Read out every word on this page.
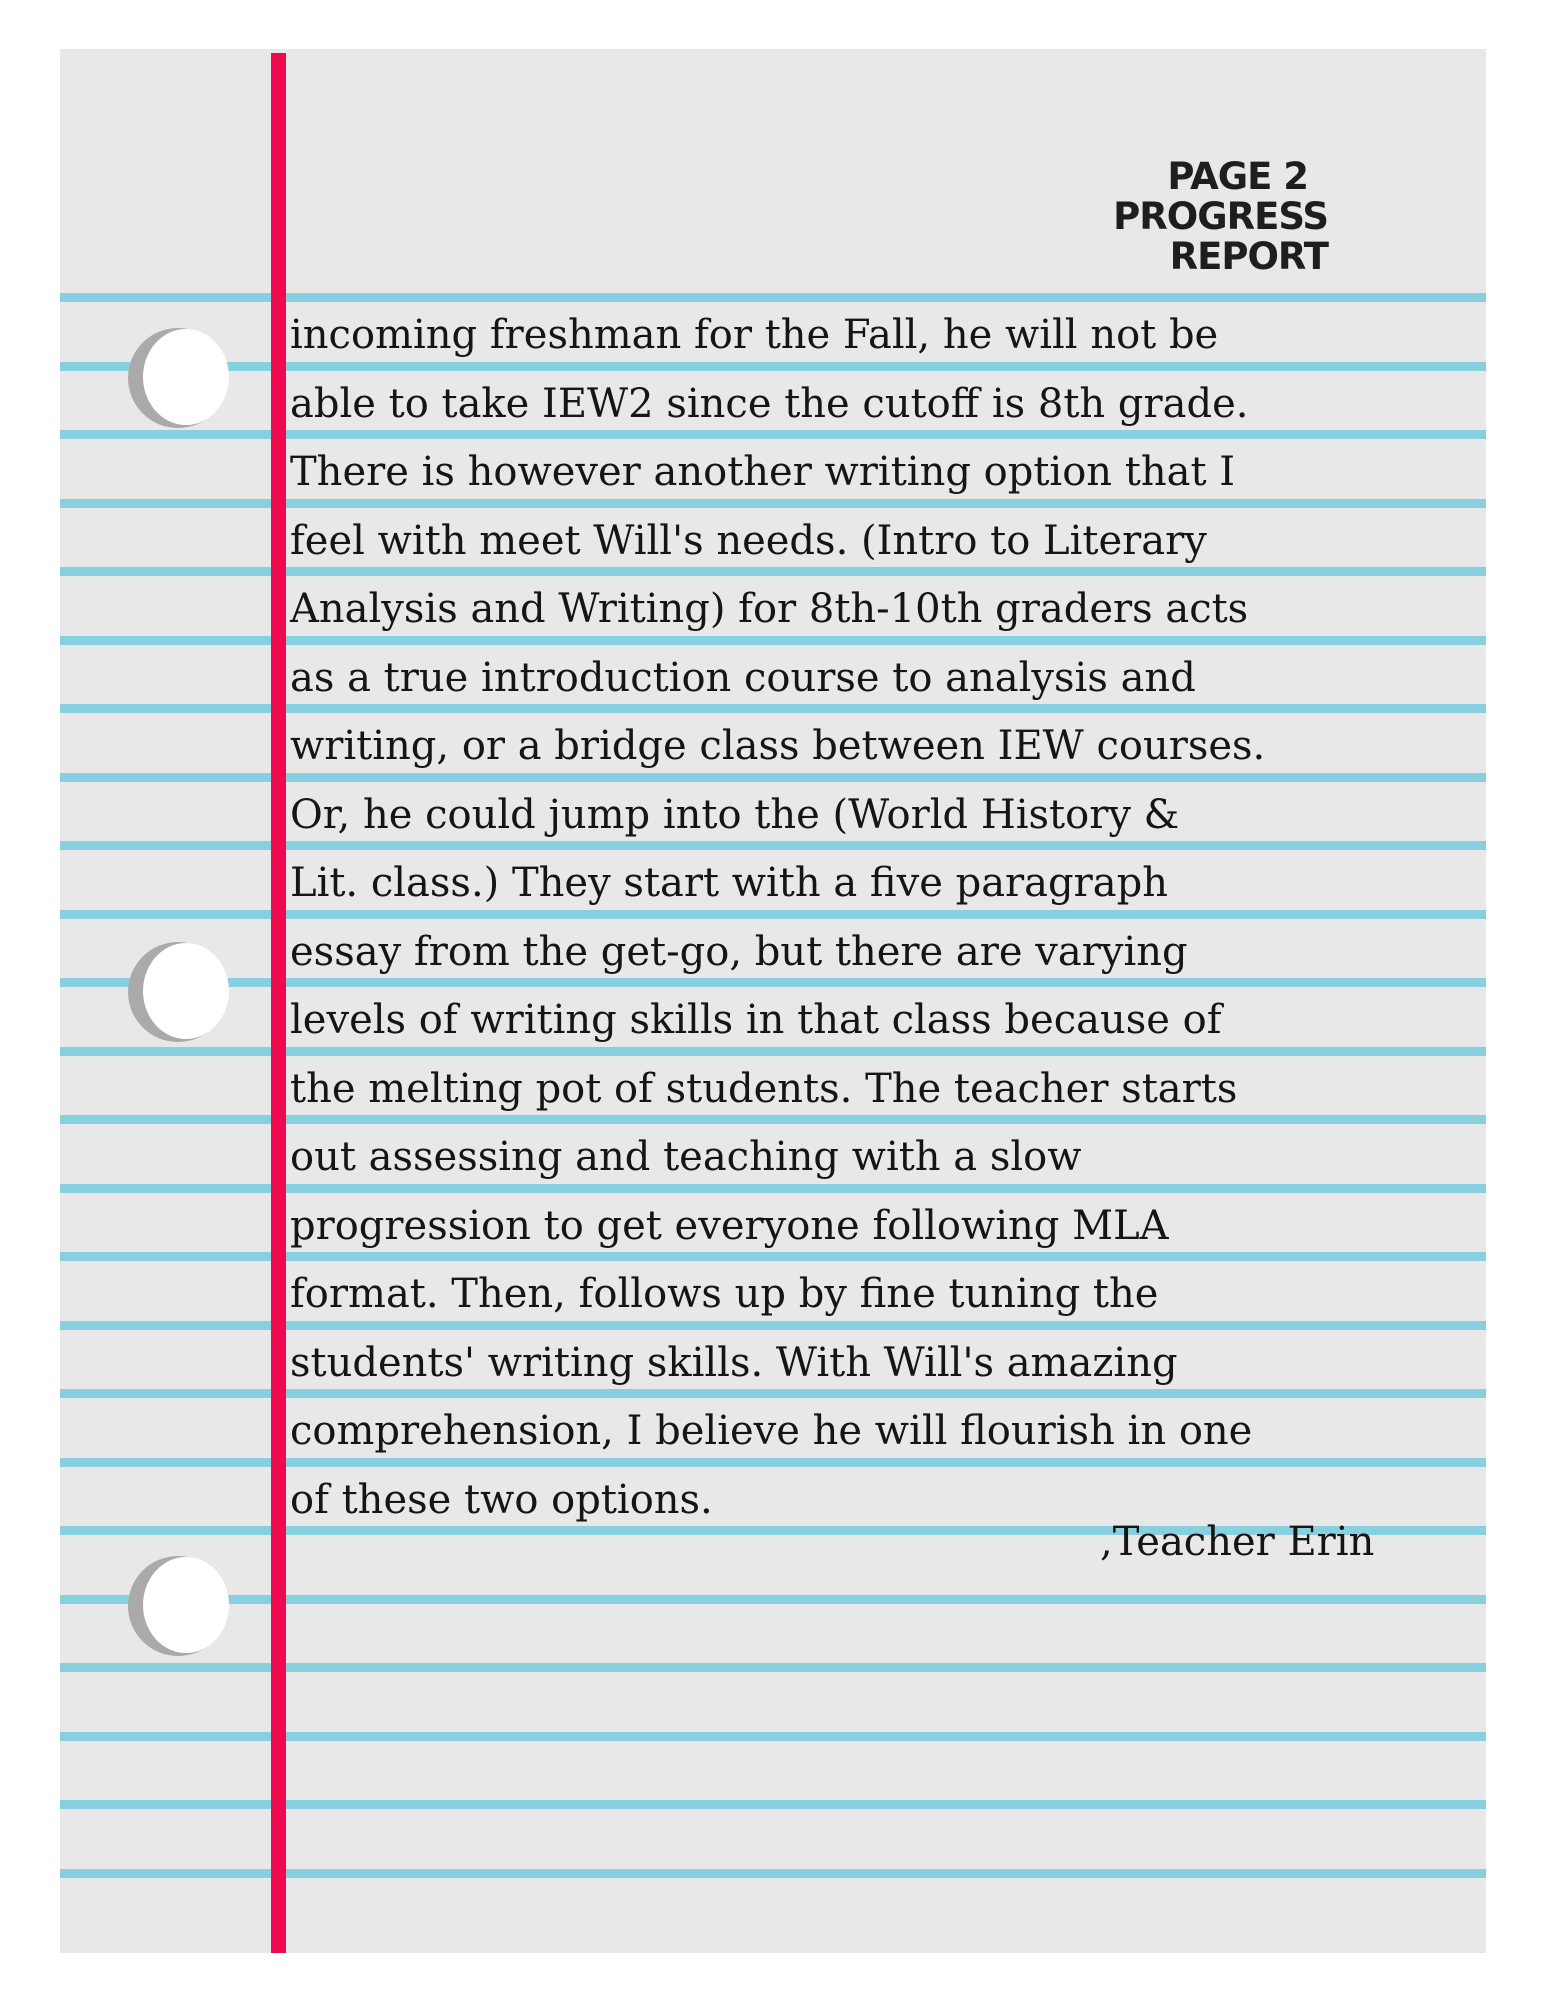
PAGE 2
PROGRESS
REPORT
incoming freshman for the Fall, he will not be
able to take IEW2 since the cutoff is 8th grade.
There is however another writing option that I
feel with meet Will's needs. (Intro to Literary
Analysis and Writing) for 8th-10th graders acts
as a true introduction course to analysis and
writing, or a bridge class between IEW courses.
Or, he could jump into the (World History &
Lit. class.) They start with a five paragraph
essay from the get-go, but there are varying
levels of writing skills in that class because of
the melting pot of students. The teacher starts
out assessing and teaching with a slow
progression to get everyone following MLA
format. Then, follows up by fine tuning the
students' writing skills. With Will's amazing
comprehension, I believe he will flourish in one
of these two options.
,Teacher Erin
